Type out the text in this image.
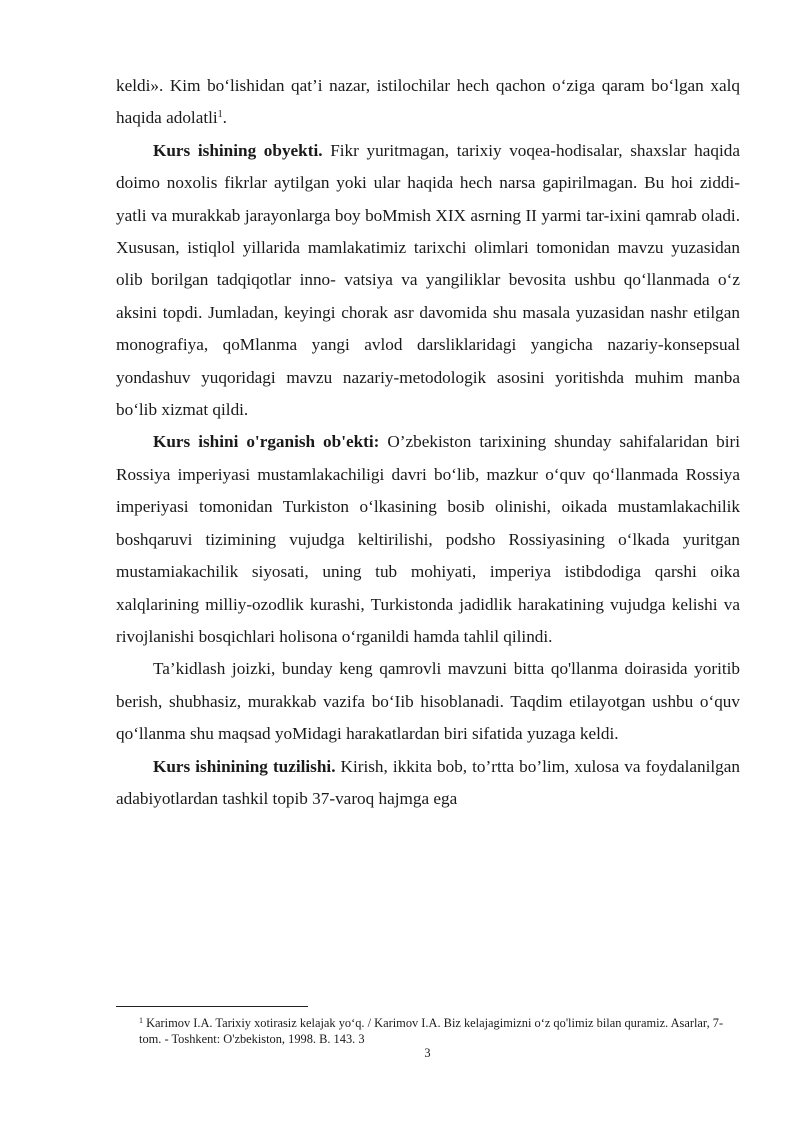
keldi». Kim bo‘lishidan qat’i nazar, istilochilar hech qachon o‘ziga qaram bo‘lgan xalq haqida adolatli$^1$.

Kurs ishining obyekti. Fikr yuritmagan, tarixiy voqea-hodisalar, shaxslar haqida doimo noxolis fikrlar aytilgan yoki ular haqida hech narsa gapirilmagan. Bu hoi ziddi- yatli va murakkab jarayonlarga boy boMmish XIX asrning II yarmi tar-ixini qamrab oladi. Xususan, istiqlol yillarida mamlakatimiz tarixchi olimlari tomonidan mavzu yuzasidan olib borilgan tadqiqotlar inno- vatsiya va yangiliklar bevosita ushbu qo‘llanmada o‘z aksini topdi. Jumladan, keyingi chorak asr davomida shu masala yuzasidan nashr etilgan monografiya, qoMlanma yangi avlod darsliklaridagi yangicha nazariy-konsepsual yondashuv yuqoridagi mavzu nazariy-metodologik asosini yoritishda muhim manba bo‘lib xizmat qildi.

Kurs ishini o'rganish ob'ekti: O’zbekiston tarixining shunday sahifalaridan biri Rossiya imperiyasi mustamlakachiligi davri bo‘lib, mazkur o‘quv qo‘llanmada Rossiya imperiyasi tomonidan Turkiston o‘lkasining bosib olinishi, oikada mustamlakachilik boshqaruvi tizimining vujudga keltirilishi, podsho Rossiyasining o‘lkada yuritgan mustamiakachilik siyosati, uning tub mohiyati, imperiya istibdodiga qarshi oika xalqlarining milliy-ozodlik kurashi, Turkistonda jadidlik harakatining vujudga kelishi va rivojlanishi bosqichlari holisona o‘rganildi hamda tahlil qilindi.

Ta’kidlash joizki, bunday keng qamrovli mavzuni bitta qo'llanma doirasida yoritib berish, shubhasiz, murakkab vazifa bo‘Iib hisoblanadi. Taqdim etilayotgan ushbu o‘quv qo‘llanma shu maqsad yoMidagi harakatlardan biri sifatida yuzaga keldi.

Kurs ishinining tuzilishi. Kirish, ikkita bob, to’rtta bo’lim, xulosa va foydalanilgan adabiyotlardan tashkil topib 37-varoq hajmga ega

$^1$ Karimov I.A. Tarixiy xotirasiz kelajak yo‘q. / Karimov I.A. Biz kelajagimizni o‘z qo'limiz bilan quramiz. Asarlar, 7-tom. - Toshkent: O'zbekiston, 1998. B. 143. 3

3
